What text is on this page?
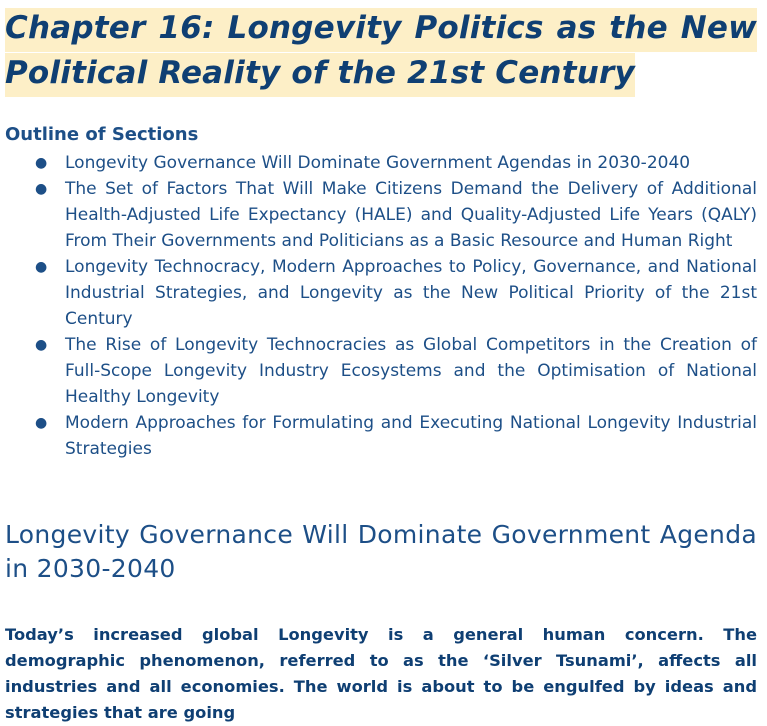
Chapter 16: Longevity Politics as the New Political Reality of the 21st Century
Outline of Sections
● Longevity Governance Will Dominate Government Agendas in 2030-2040
● The Set of Factors That Will Make Citizens Demand the Delivery of Additional Health-Adjusted Life Expectancy (HALE) and Quality-Adjusted Life Years (QALY) From Their Governments and Politicians as a Basic Resource and Human Right
● Longevity Technocracy, Modern Approaches to Policy, Governance, and National Industrial Strategies, and Longevity as the New Political Priority of the 21st Century
● The Rise of Longevity Technocracies as Global Competitors in the Creation of Full-Scope Longevity Industry Ecosystems and the Optimisation of National Healthy Longevity
● Modern Approaches for Formulating and Executing National Longevity Industrial Strategies
Longevity Governance Will Dominate Government Agenda in 2030-2040

Today’s increased global Longevity is a general human concern. The demographic phenomenon, referred to as the ‘Silver Tsunami’, affects all industries and all economies. The world is about to be engulfed by ideas and strategies that are going
